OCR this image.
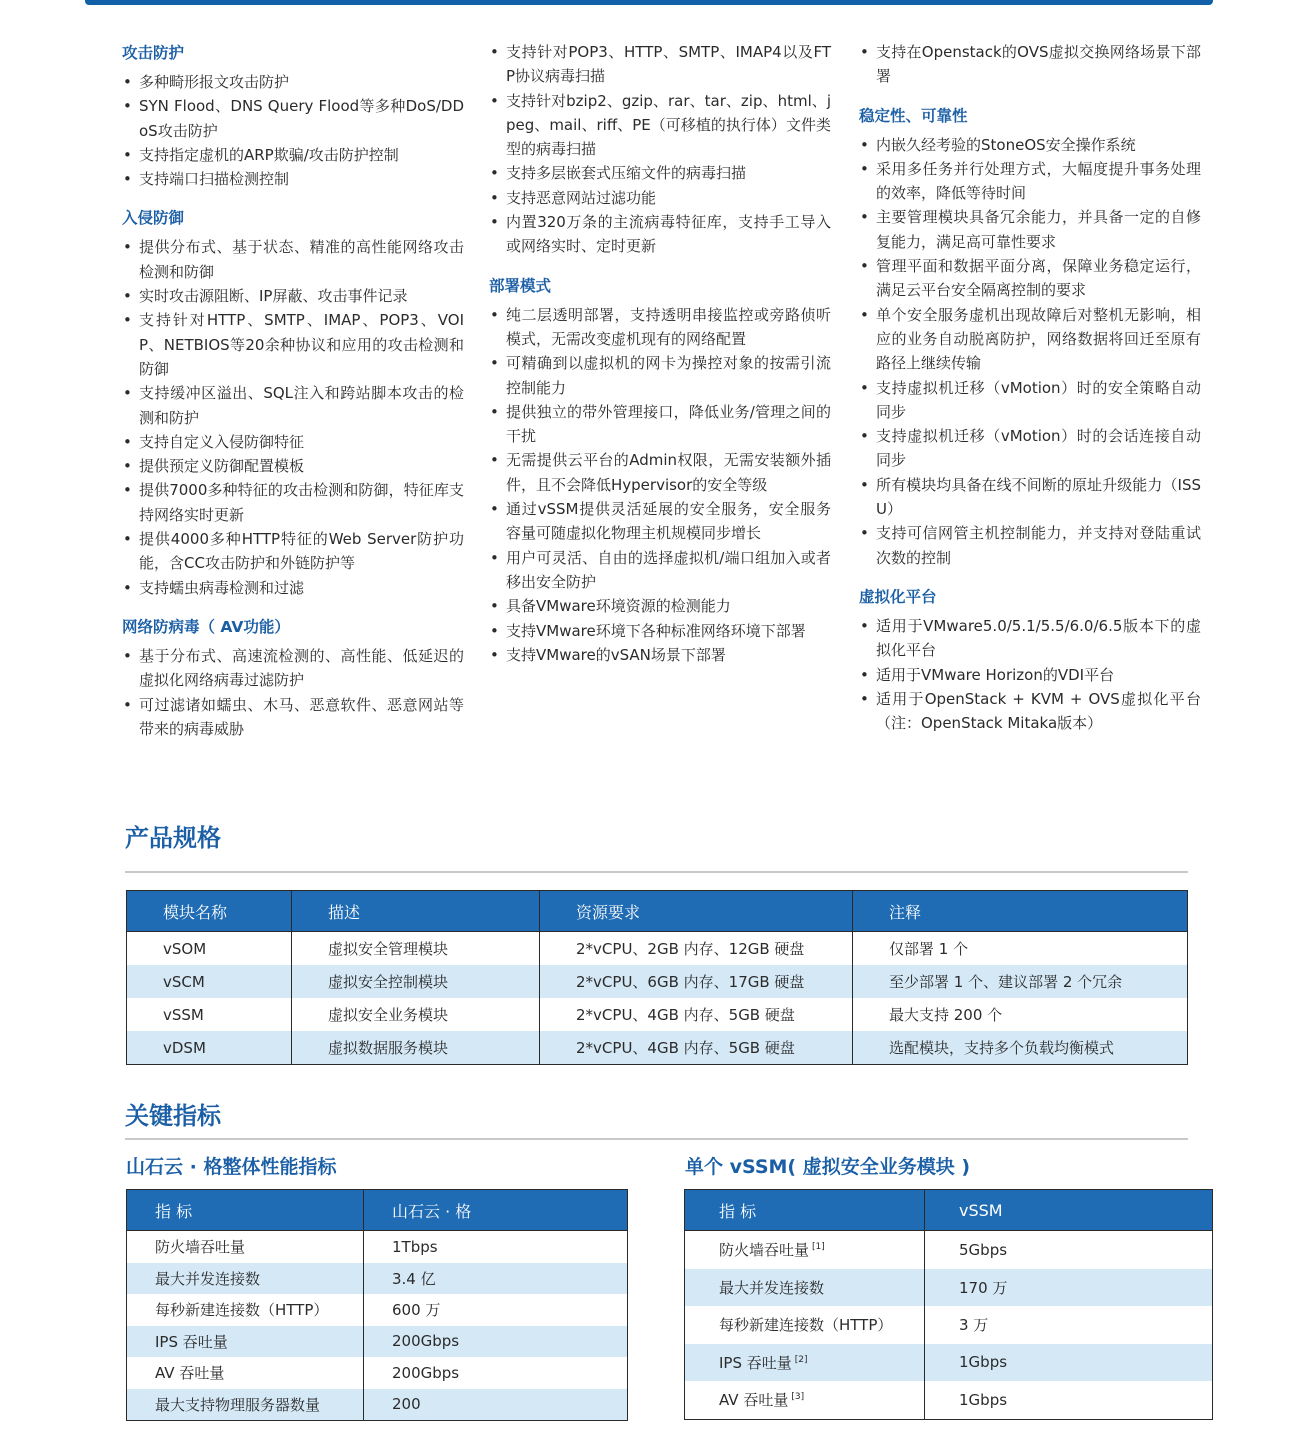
攻击防护
• 多种畸形报文攻击防护
• SYN Flood、DNS Query Flood等多种DoS/DDoS攻击防护
• 支持指定虚机的ARP欺骗/攻击防护控制
• 支持端口扫描检测控制
入侵防御
• 提供分布式、基于状态、精准的高性能网络攻击检测和防御
• 实时攻击源阻断、IP屏蔽、攻击事件记录
• 支持针对HTTP、SMTP、IMAP、POP3、VOIP、NETBIOS等20余种协议和应用的攻击检测和防御
• 支持缓冲区溢出、SQL注入和跨站脚本攻击的检测和防护
• 支持自定义入侵防御特征
• 提供预定义防御配置模板
• 提供7000多种特征的攻击检测和防御，特征库支持网络实时更新
• 提供4000多种HTTP特征的Web Server防护功能，含CC攻击防护和外链防护等
• 支持蠕虫病毒检测和过滤
网络防病毒（ AV功能）
• 基于分布式、高速流检测的、高性能、低延迟的虚拟化网络病毒过滤防护
• 可过滤诸如蠕虫、木马、恶意软件、恶意网站等带来的病毒威胁
• 支持针对POP3、HTTP、SMTP、IMAP4以及FTP协议病毒扫描
• 支持针对bzip2、gzip、rar、tar、zip、html、jpeg、mail、riff、PE（可移植的执行体）文件类型的病毒扫描
• 支持多层嵌套式压缩文件的病毒扫描
• 支持恶意网站过滤功能
• 内置320万条的主流病毒特征库，支持手工导入或网络实时、定时更新
部署模式
• 纯二层透明部署，支持透明串接监控或旁路侦听模式，无需改变虚机现有的网络配置
• 可精确到以虚拟机的网卡为操控对象的按需引流控制能力
• 提供独立的带外管理接口，降低业务/管理之间的干扰
• 无需提供云平台的Admin权限，无需安装额外插件，且不会降低Hypervisor的安全等级
• 通过vSSM提供灵活延展的安全服务，安全服务容量可随虚拟化物理主机规模同步增长
• 用户可灵活、自由的选择虚拟机/端口组加入或者移出安全防护
• 具备VMware环境资源的检测能力
• 支持VMware环境下各种标准网络环境下部署
• 支持VMware的vSAN场景下部署
• 支持在Openstack的OVS虚拟交换网络场景下部署
稳定性、可靠性
• 内嵌久经考验的StoneOS安全操作系统
• 采用多任务并行处理方式，大幅度提升事务处理的效率，降低等待时间
• 主要管理模块具备冗余能力，并具备一定的自修复能力，满足高可靠性要求
• 管理平面和数据平面分离，保障业务稳定运行，满足云平台安全隔离控制的要求
• 单个安全服务虚机出现故障后对整机无影响，相应的业务自动脱离防护，网络数据将回迁至原有路径上继续传输
• 支持虚拟机迁移（vMotion）时的安全策略自动同步
• 支持虚拟机迁移（vMotion）时的会话连接自动同步
• 所有模块均具备在线不间断的原址升级能力（ISSU）
• 支持可信网管主机控制能力，并支持对登陆重试次数的控制
虚拟化平台
• 适用于VMware5.0/5.1/5.5/6.0/6.5版本下的虚拟化平台
• 适用于VMware Horizon的VDI平台
• 适用于OpenStack + KVM + OVS虚拟化平台（注：OpenStack Mitaka版本）
产品规格
模块名称	描述	资源要求	注释
vSOM	虚拟安全管理模块	2*vCPU、2GB 内存、12GB 硬盘	仅部署 1 个
vSCM	虚拟安全控制模块	2*vCPU、6GB 内存、17GB 硬盘	至少部署 1 个、建议部署 2 个冗余
vSSM	虚拟安全业务模块	2*vCPU、4GB 内存、5GB 硬盘	最大支持 200 个
vDSM	虚拟数据服务模块	2*vCPU、4GB 内存、5GB 硬盘	选配模块，支持多个负载均衡模式
关键指标
山石云 · 格整体性能指标
指 标	山石云 · 格
防火墙吞吐量	1Tbps
最大并发连接数	3.4 亿
每秒新建连接数（HTTP）	600 万
IPS 吞吐量	200Gbps
AV 吞吐量	200Gbps
最大支持物理服务器数量	200
单个 vSSM( 虚拟安全业务模块 )
指 标	vSSM
防火墙吞吐量 [1]	5Gbps
最大并发连接数	170 万
每秒新建连接数（HTTP）	3 万
IPS 吞吐量 [2]	1Gbps
AV 吞吐量 [3]	1Gbps
